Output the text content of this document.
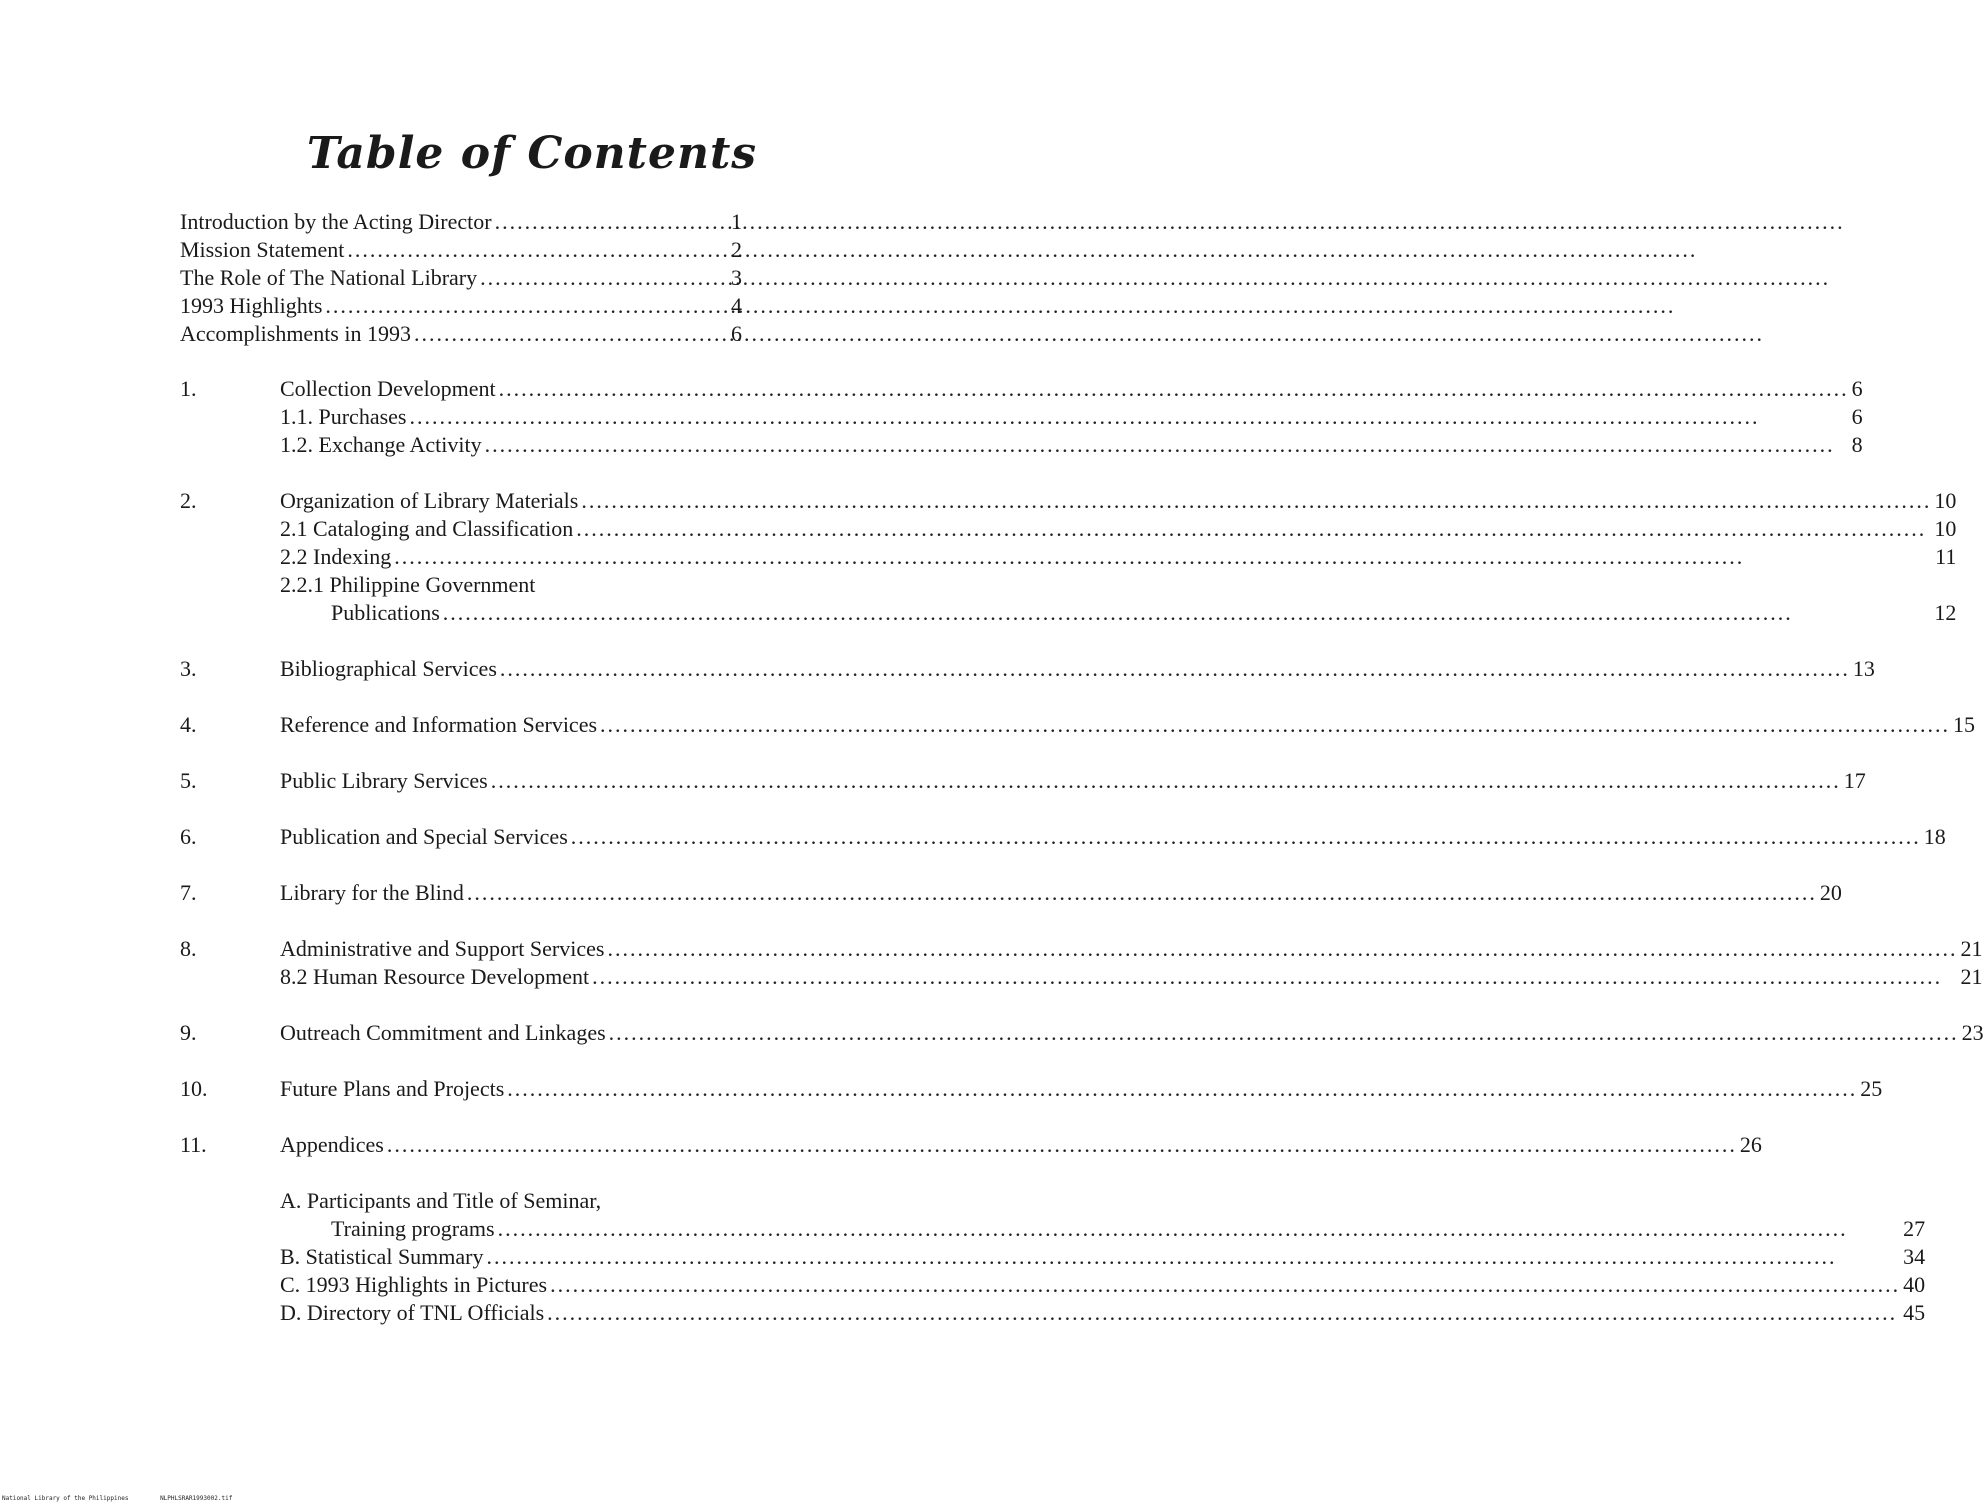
Table of Contents
Introduction by the Acting Director .....	1
Mission Statement .....	2
The Role of The National Library .....	3
1993 Highlights .....	4
Accomplishments in 1993 .....	6
1.	Collection Development .....	6
1.1. Purchases .....	6
1.2. Exchange Activity .....	8
2.	Organization of Library Materials .....	10
2.1 Cataloging and Classification .....	10
2.2 Indexing .....	11
2.2.1 Philippine Government
Publications .....	12
3.	Bibliographical Services .....	13
4.	Reference and Information Services .....	15
5.	Public Library Services .....	17
6.	Publication and Special Services .....	18
7.	Library for the Blind .....	20
8.	Administrative and Support Services .....	21
8.2 Human Resource Development .....	21
9.	Outreach Commitment and Linkages .....	23
10.	Future Plans and Projects .....	25
11.	Appendices .....	26
A. Participants and Title of Seminar,
Training programs .....	27
B. Statistical Summary .....	34
C. 1993 Highlights in Pictures .....	40
D. Directory of TNL Officials .....	45
National Library of the Philippines	NLPHLSRAR1993002.tif
